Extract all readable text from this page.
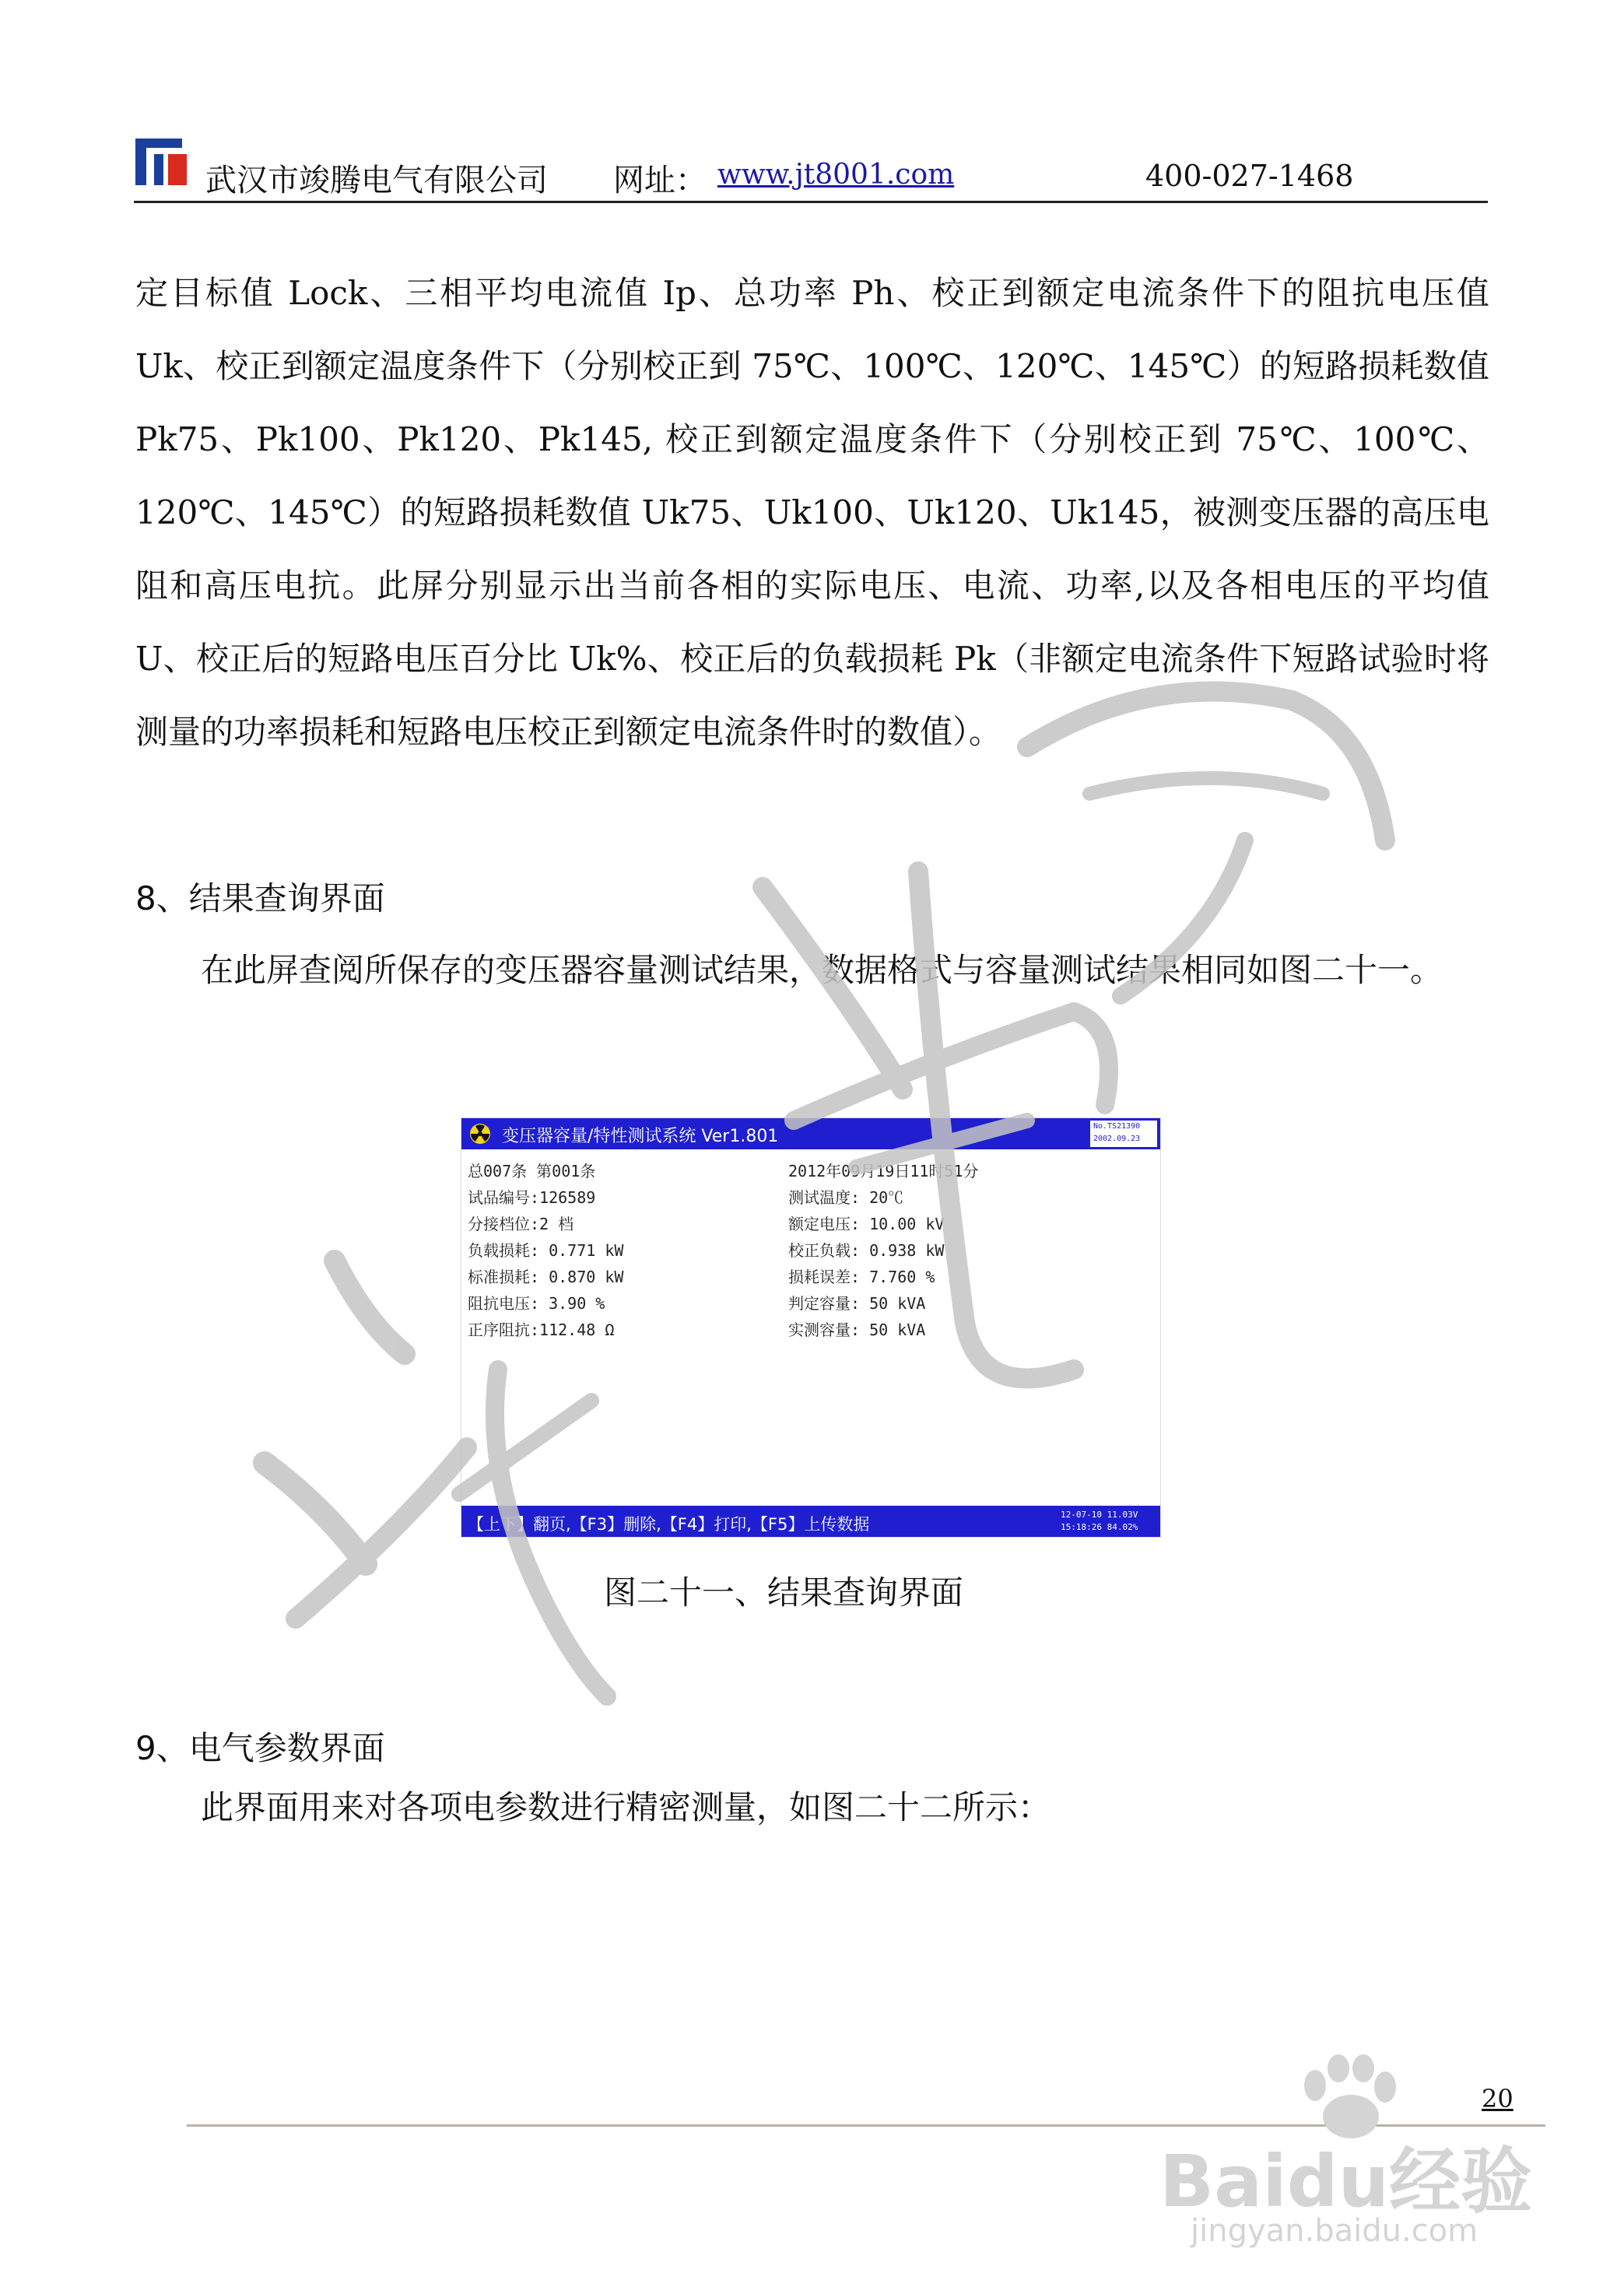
武汉市竣腾电气有限公司 网址： www.jt8001.com	400-027-1468
定目标值 Lock、三相平均电流值 Ip、总功率 Ph、校正到额定电流条件下的阻抗电压值 Uk、校正到额定温度条件下（分别校正到 75℃、100℃、120℃、145℃）的短路损耗数值 Pk75、Pk100、Pk120、Pk145, 校正到额定温度条件下（分别校正到 75℃、100℃、120℃、145℃）的短路损耗数值 Uk75、Uk100、Uk120、Uk145，被测变压器的高压电阻和高压电抗。此屏分别显示出当前各相的实际电压、电流、功率,以及各相电压的平均值 U、校正后的短路电压百分比 Uk%、校正后的负载损耗 Pk（非额定电流条件下短路试验时将测量的功率损耗和短路电压校正到额定电流条件时的数值）。
8、结果查询界面
在此屏查阅所保存的变压器容量测试结果，数据格式与容量测试结果相同如图二十一。
变压器容量/特性测试系统 Ver1.801
No.TS21390
2002.09.23
总007条 第001条
试品编号:126589
分接档位:2 档
负载损耗: 0.771 kW
标准损耗: 0.870 kW
阻抗电压: 3.90 %
正序阻抗:112.48 Ω
2012年09月19日11时51分
测试温度: 20℃
额定电压: 10.00 kV
校正负载: 0.938 kW
损耗误差: 7.760 %
判定容量: 50 kVA
实测容量: 50 kVA
【上下】翻页,【F3】删除,【F4】打印,【F5】上传数据
12-07-10 11.03V
15:18:26 84.02%
图二十一、结果查询界面
9、电气参数界面
此界面用来对各项电参数进行精密测量，如图二十二所示：
20
Baidu经验
jingyan.baidu.com
